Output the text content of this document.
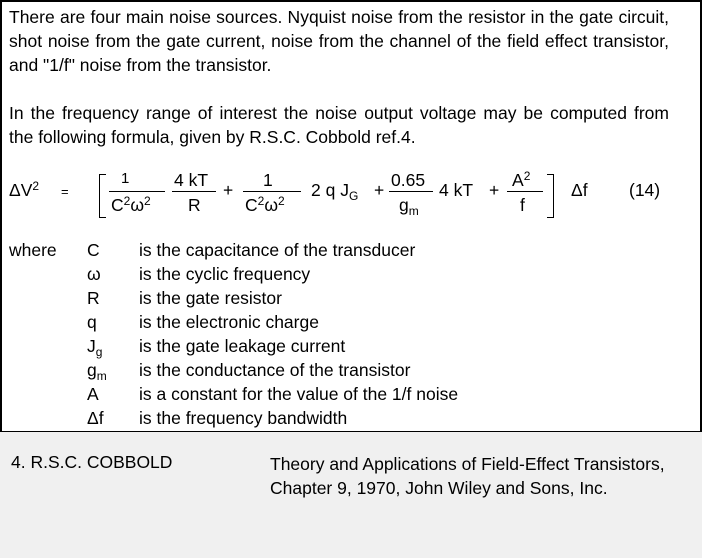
There are four main noise sources. Nyquist noise from the resistor in the gate circuit, shot noise from the gate current, noise from the channel of the field effect transistor, and "1/f" noise from the transistor.
In the frequency range of interest the noise output voltage may be computed from the following formula, given by R.S.C. Cobbold ref.4.
$\Delta V^2$ =
1
$C^2\omega^2$
4 kT
R
+ 1
$C^2\omega^2$
2 q $J_G + 0.65$
$g_m$
4 kT + $A^2$
f
Δf (14)
where C is the capacitance of the transducer
ω is the cyclic frequency
R is the gate resistor
q is the electronic charge
$J_g$ is the gate leakage current
$g_m$ is the conductance of the transistor
A is a constant for the value of the 1/f noise
Δf is the frequency bandwidth
4. R.S.C. COBBOLD	Theory and Applications of Field-Effect Transistors, Chapter 9, 1970, John Wiley and Sons, Inc.
